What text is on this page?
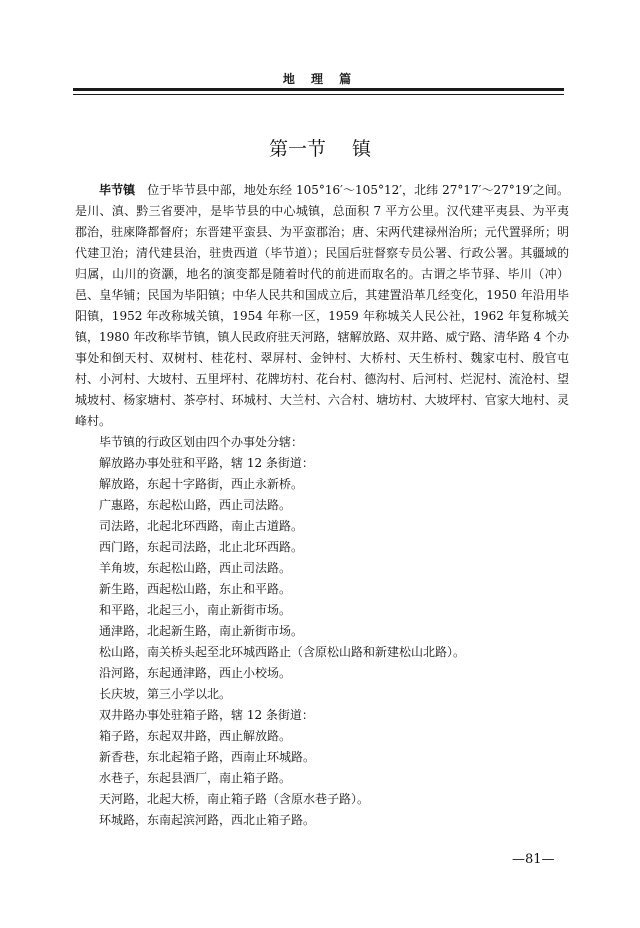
地 理 篇
第一节 镇

毕节镇　位于毕节县中部，地处东经 105°16′～105°12′，北纬 27°17′～27°19′之间。是川、滇、黔三省要冲，是毕节县的中心城镇，总面积 7 平方公里。汉代建平夷县、为平夷郡治，驻庲降都督府；东晋建平蛮县、为平蛮郡治；唐、宋两代建禄州治所；元代置驿所；明代建卫治；清代建县治，驻贵西道（毕节道）；民国后驻督察专员公署、行政公署。其疆域的归属，山川的资灏，地名的演变都是随着时代的前进而取名的。古谓之毕节驿、毕川（冲）邑、皇华铺；民国为毕阳镇；中华人民共和国成立后，其建置沿革几经变化，1950 年沿用毕阳镇，1952 年改称城关镇，1954 年称一区，1959 年称城关人民公社，1962 年复称城关镇，1980 年改称毕节镇，镇人民政府驻天河路，辖解放路、双井路、威宁路、清华路 4 个办事处和倒天村、双树村、桂花村、翠屏村、金钟村、大桥村、天生桥村、魏家屯村、殷官屯村、小河村、大坡村、五里坪村、花牌坊村、花台村、德沟村、后河村、烂泥村、流沧村、望城坡村、杨家塘村、茶亭村、环城村、大兰村、六合村、塘坊村、大坡坪村、官家大地村、灵峰村。

毕节镇的行政区划由四个办事处分辖：

解放路办事处驻和平路，辖 12 条街道：

解放路，东起十字路街，西止永新桥。

广惠路，东起松山路，西止司法路。

司法路，北起北环西路，南止古道路。

西门路，东起司法路，北止北环西路。

羊角坡，东起松山路，西止司法路。

新生路，西起松山路，东止和平路。

和平路，北起三小，南止新街市场。

通津路，北起新生路，南止新街市场。

松山路，南关桥头起至北环城西路止（含原松山路和新建松山北路）。

沿河路，东起通津路，西止小校场。

长庆坡，第三小学以北。

双井路办事处驻箱子路，辖 12 条街道：

箱子路，东起双井路，西止解放路。

新香巷，东北起箱子路，西南止环城路。

水巷子，东起县酒厂，南止箱子路。

天河路，北起大桥，南止箱子路（含原水巷子路）。

环城路，东南起滨河路，西北止箱子路。

—81—
